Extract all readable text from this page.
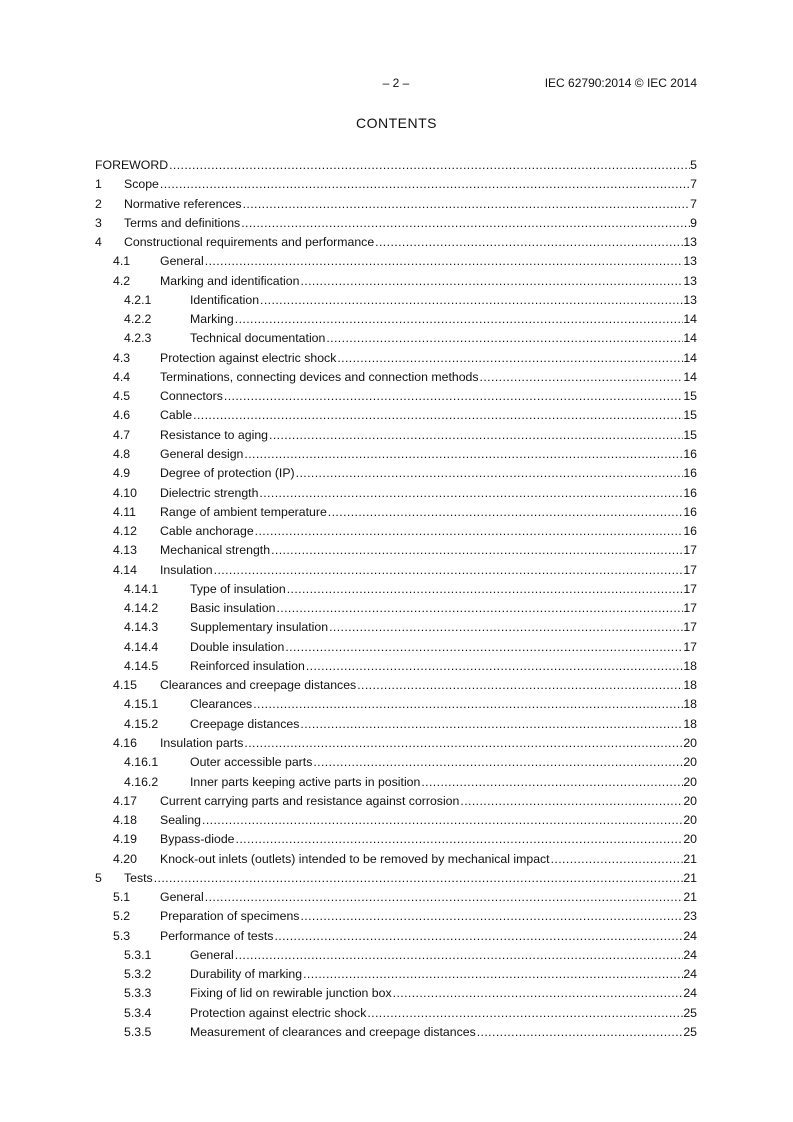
– 2 –	IEC 62790:2014 © IEC 2014
CONTENTS
FOREWORD .....	5
1 Scope .....	7
2 Normative references .....	7
3 Terms and definitions .....	9
4 Constructional requirements and performance .....	13
4.1 General .....	13
4.2 Marking and identification .....	13
4.2.1	Identification .....	13
4.2.2	Marking .....	14
4.2.3	Technical documentation .....	14
4.3 Protection against electric shock .....	14
4.4 Terminations, connecting devices and connection methods .....	14
4.5 Connectors .....	15
4.6 Cable .....	15
4.7 Resistance to aging .....	15
4.8 General design .....	16
4.9 Degree of protection (IP) .....	16
4.10 Dielectric strength .....	16
4.11 Range of ambient temperature .....	16
4.12 Cable anchorage .....	16
4.13 Mechanical strength .....	17
4.14 Insulation .....	17
4.14.1	Type of insulation .....	17
4.14.2	Basic insulation .....	17
4.14.3	Supplementary insulation .....	17
4.14.4	Double insulation .....	17
4.14.5	Reinforced insulation .....	18
4.15 Clearances and creepage distances .....	18
4.15.1	Clearances .....	18
4.15.2	Creepage distances .....	18
4.16 Insulation parts .....	20
4.16.1	Outer accessible parts .....	20
4.16.2	Inner parts keeping active parts in position .....	20
4.17 Current carrying parts and resistance against corrosion .....	20
4.18 Sealing .....	20
4.19 Bypass-diode .....	20
4.20 Knock-out inlets (outlets) intended to be removed by mechanical impact .....	21
5 Tests .....	21
5.1 General .....	21
5.2 Preparation of specimens .....	23
5.3 Performance of tests .....	24
5.3.1	General .....	24
5.3.2	Durability of marking .....	24
5.3.3	Fixing of lid on rewirable junction box .....	24
5.3.4	Protection against electric shock .....	25
5.3.5	Measurement of clearances and creepage distances .....	25
